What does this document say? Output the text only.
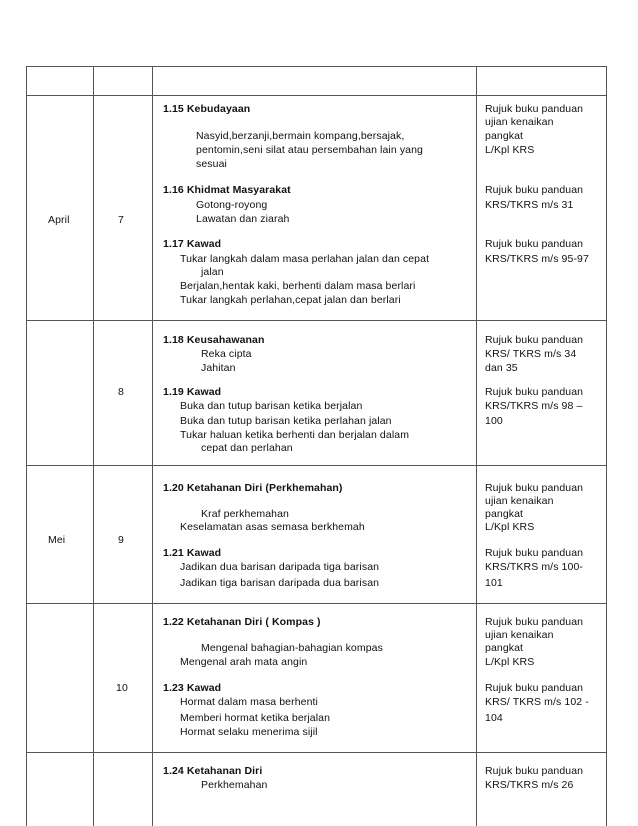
April	7
1.15 Kebudayaan
Nasyid,berzanji,bermain kompang,bersajak,
pentomin,seni silat atau persembahan lain yang
sesuai
1.16 Khidmat Masyarakat
Gotong-royong
Lawatan dan ziarah
1.17 Kawad
Tukar langkah dalam masa perlahan jalan dan cepat
jalan
Berjalan,hentak kaki, berhenti dalam masa berlari
Tukar langkah perlahan,cepat jalan dan berlari
Rujuk buku panduan
ujian kenaikan
pangkat
L/Kpl KRS
Rujuk buku panduan
KRS/TKRS m/s 31
Rujuk buku panduan
KRS/TKRS m/s 95-97
8
1.18 Keusahawanan
Reka cipta
Jahitan
1.19 Kawad
Buka dan tutup barisan ketika berjalan
Buka dan tutup barisan ketika perlahan jalan
Tukar haluan ketika berhenti dan berjalan dalam
cepat dan perlahan
Rujuk buku panduan
KRS/ TKRS m/s 34
dan 35
Rujuk buku panduan
KRS/TKRS m/s 98 –
100
Mei	9
1.20 Ketahanan Diri (Perkhemahan)
Kraf perkhemahan
Keselamatan asas semasa berkhemah
1.21 Kawad
Jadikan dua barisan daripada tiga barisan
Jadikan tiga barisan daripada dua barisan
Rujuk buku panduan
ujian kenaikan
pangkat
L/Kpl KRS
Rujuk buku panduan
KRS/TKRS m/s 100-
101
10
1.22 Ketahanan Diri ( Kompas )
Mengenal bahagian-bahagian kompas
Mengenal arah mata angin
1.23 Kawad
Hormat dalam masa berhenti
Memberi hormat ketika berjalan
Hormat selaku menerima sijil
Rujuk buku panduan
ujian kenaikan
pangkat
L/Kpl KRS
Rujuk buku panduan
KRS/ TKRS m/s 102 -
104
1.24 Ketahanan Diri
Perkhemahan
Rujuk buku panduan
KRS/TKRS m/s 26
